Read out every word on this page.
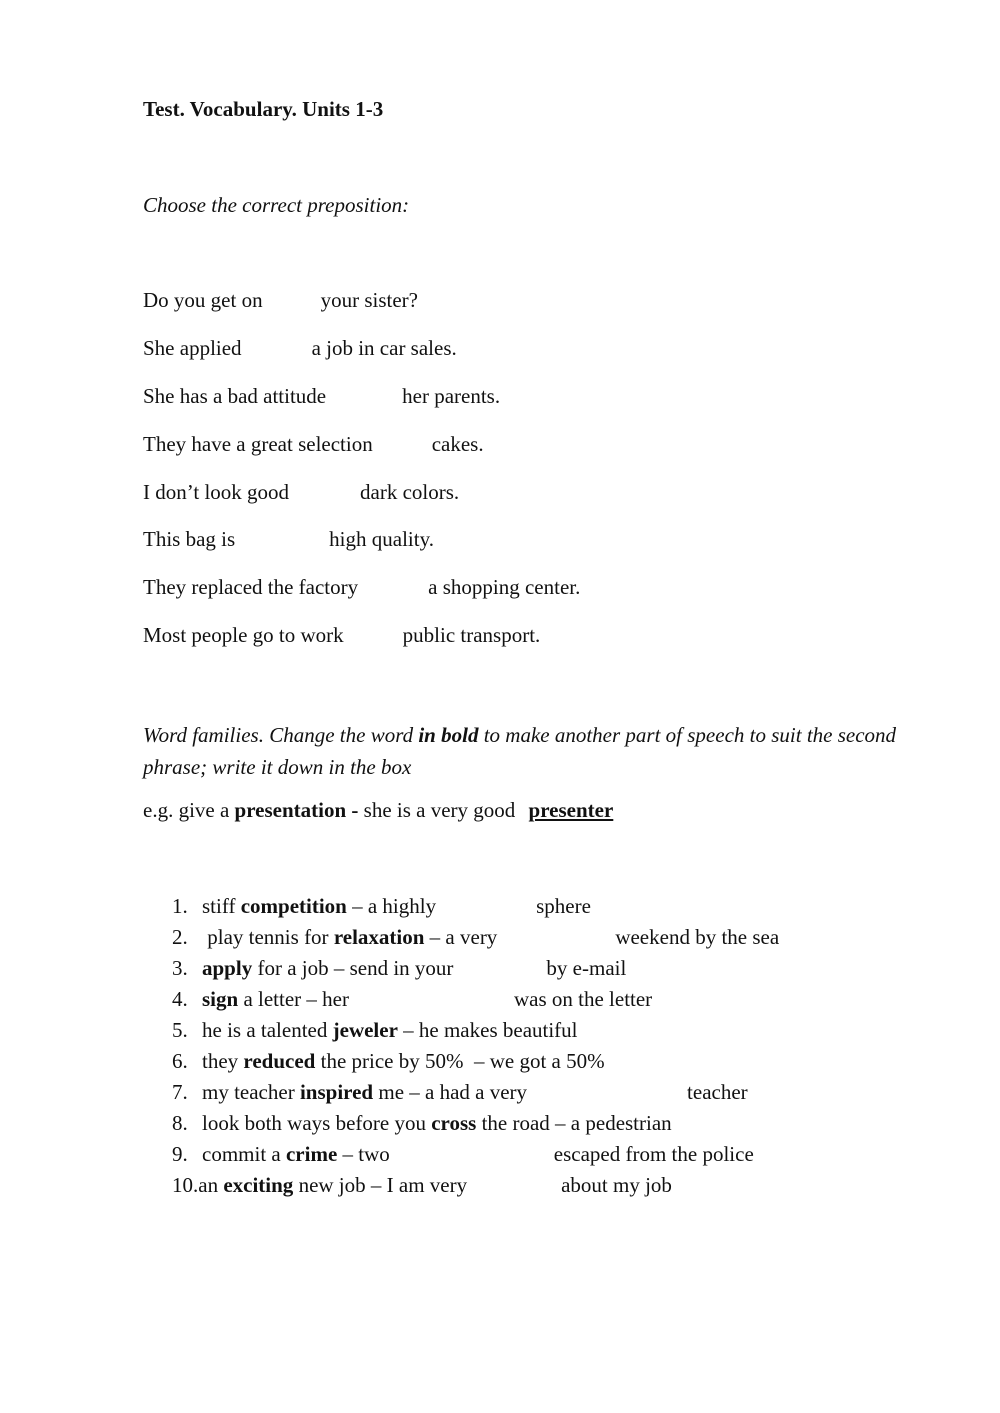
Test. Vocabulary. Units 1-3
Choose the correct preposition:
Do you get on	your sister?
She applied	a job in car sales.
She has a bad attitude	her parents.
They have a great selection	cakes.
I don’t look good	dark colors.
This bag is	high quality.
They replaced the factory	a shopping center.
Most people go to work	public transport.
Word families. Change the word in bold to make another part of speech to suit the second phrase; write it down in the box
e.g. give a presentation - she is a very good presenter
1. stiff competition – a highly	sphere
2. play tennis for relaxation – a very	weekend by the sea
3. apply for a job – send in your	by e-mail
4. sign a letter – her	was on the letter
5. he is a talented jeweler – he makes beautiful
6. they reduced the price by 50%  – we got a 50%
7. my teacher inspired me – a had a very	teacher
8. look both ways before you cross the road – a pedestrian
9. commit a crime – two	escaped from the police
10.an exciting new job – I am very	about my job
